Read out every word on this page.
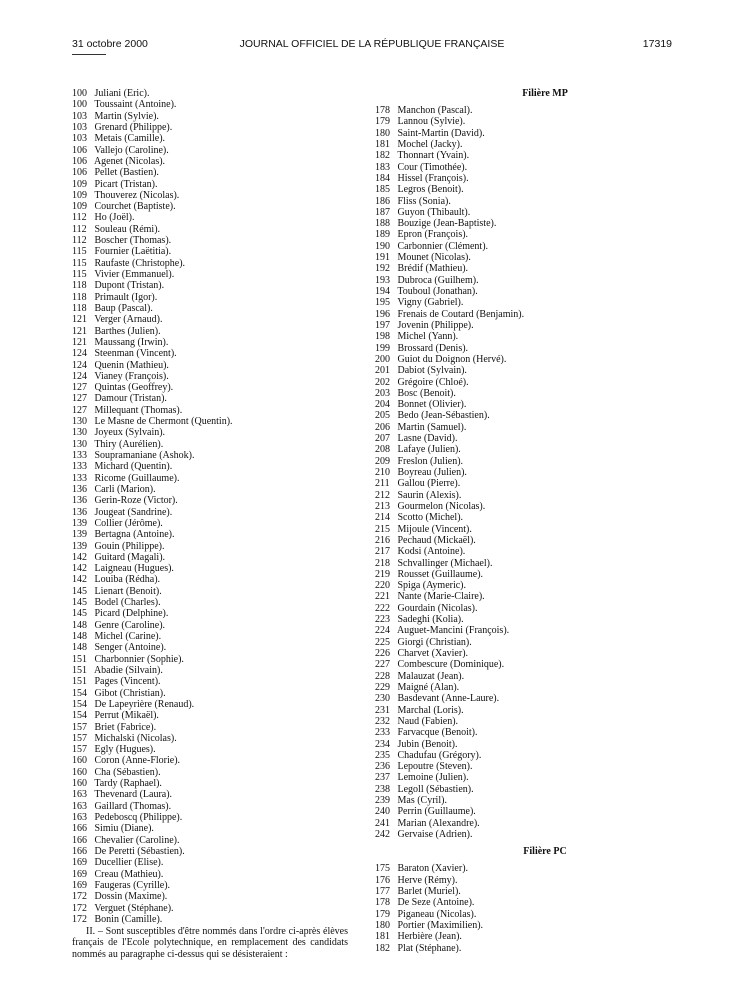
31 octobre 2000	JOURNAL OFFICIEL DE LA RÉPUBLIQUE FRANÇAISE	17319
100 Juliani (Eric).
100 Toussaint (Antoine).
103 Martin (Sylvie).
103 Grenard (Philippe).
103 Metais (Camille).
106 Vallejo (Caroline).
106 Agenet (Nicolas).
106 Pellet (Bastien).
109 Picart (Tristan).
109 Thouverez (Nicolas).
109 Courchet (Baptiste).
112 Ho (Joël).
112 Souleau (Rémi).
112 Boscher (Thomas).
115 Fournier (Laëtitia).
115 Raufaste (Christophe).
115 Vivier (Emmanuel).
118 Dupont (Tristan).
118 Primault (Igor).
118 Baup (Pascal).
121 Verger (Arnaud).
121 Barthes (Julien).
121 Maussang (Irwin).
124 Steenman (Vincent).
124 Quenin (Mathieu).
124 Vianey (François).
127 Quintas (Geoffrey).
127 Damour (Tristan).
127 Millequant (Thomas).
130 Le Masne de Chermont (Quentin).
130 Joyeux (Sylvain).
130 Thiry (Aurélien).
133 Soupramaniane (Ashok).
133 Michard (Quentin).
133 Ricome (Guillaume).
136 Carli (Marion).
136 Gerin-Roze (Victor).
136 Jougeat (Sandrine).
139 Collier (Jérôme).
139 Bertagna (Antoine).
139 Gouin (Philippe).
142 Guitard (Magali).
142 Laigneau (Hugues).
142 Louiba (Rédha).
145 Lienart (Benoit).
145 Bodel (Charles).
145 Picard (Delphine).
148 Genre (Caroline).
148 Michel (Carine).
148 Senger (Antoine).
151 Charbonnier (Sophie).
151 Abadie (Silvain).
151 Pages (Vincent).
154 Gibot (Christian).
154 De Lapeyrière (Renaud).
154 Perrut (Mikaël).
157 Briet (Fabrice).
157 Michalski (Nicolas).
157 Egly (Hugues).
160 Coron (Anne-Florie).
160 Cha (Sébastien).
160 Tardy (Raphael).
163 Thevenard (Laura).
163 Gaillard (Thomas).
163 Pedeboscq (Philippe).
166 Simiu (Diane).
166 Chevalier (Caroline).
166 De Peretti (Sébastien).
169 Ducellier (Elise).
169 Creau (Mathieu).
169 Faugeras (Cyrille).
172 Dossin (Maxime).
172 Verguet (Stéphane).
172 Bonin (Camille).
II. – Sont susceptibles d'être nommés dans l'ordre ci-après élèves français de l'Ecole polytechnique, en remplacement des candidats nommés au paragraphe ci-dessus qui se désisteraient :
Filière MP
178 Manchon (Pascal).
179 Lannou (Sylvie).
180 Saint-Martin (David).
181 Mochel (Jacky).
182 Thonnart (Yvain).
183 Cour (Timothée).
184 Hissel (François).
185 Legros (Benoit).
186 Fliss (Sonia).
187 Guyon (Thibault).
188 Bouzige (Jean-Baptiste).
189 Epron (François).
190 Carbonnier (Clément).
191 Mounet (Nicolas).
192 Brédif (Mathieu).
193 Dubroca (Guilhem).
194 Touboul (Jonathan).
195 Vigny (Gabriel).
196 Frenais de Coutard (Benjamin).
197 Jovenin (Philippe).
198 Michel (Yann).
199 Brossard (Denis).
200 Guiot du Doignon (Hervé).
201 Dabiot (Sylvain).
202 Grégoire (Chloé).
203 Bosc (Benoit).
204 Bonnet (Olivier).
205 Bedo (Jean-Sébastien).
206 Martin (Samuel).
207 Lasne (David).
208 Lafaye (Julien).
209 Freslon (Julien).
210 Boyreau (Julien).
211 Gallou (Pierre).
212 Saurin (Alexis).
213 Gourmelon (Nicolas).
214 Scotto (Michel).
215 Mijoule (Vincent).
216 Pechaud (Mickaël).
217 Kodsi (Antoine).
218 Schvallinger (Michael).
219 Rousset (Guillaume).
220 Spiga (Aymeric).
221 Nante (Marie-Claire).
222 Gourdain (Nicolas).
223 Sadeghi (Kolia).
224 Auguet-Mancini (François).
225 Giorgi (Christian).
226 Charvet (Xavier).
227 Combescure (Dominique).
228 Malauzat (Jean).
229 Maigné (Alan).
230 Basdevant (Anne-Laure).
231 Marchal (Loris).
232 Naud (Fabien).
233 Farvacque (Benoit).
234 Jubin (Benoit).
235 Chadufau (Grégory).
236 Lepoutre (Steven).
237 Lemoine (Julien).
238 Legoll (Sébastien).
239 Mas (Cyril).
240 Perrin (Guillaume).
241 Marian (Alexandre).
242 Gervaise (Adrien).
Filière PC
175 Baraton (Xavier).
176 Herve (Rémy).
177 Barlet (Muriel).
178 De Seze (Antoine).
179 Piganeau (Nicolas).
180 Portier (Maximilien).
181 Herbière (Jean).
182 Plat (Stéphane).
